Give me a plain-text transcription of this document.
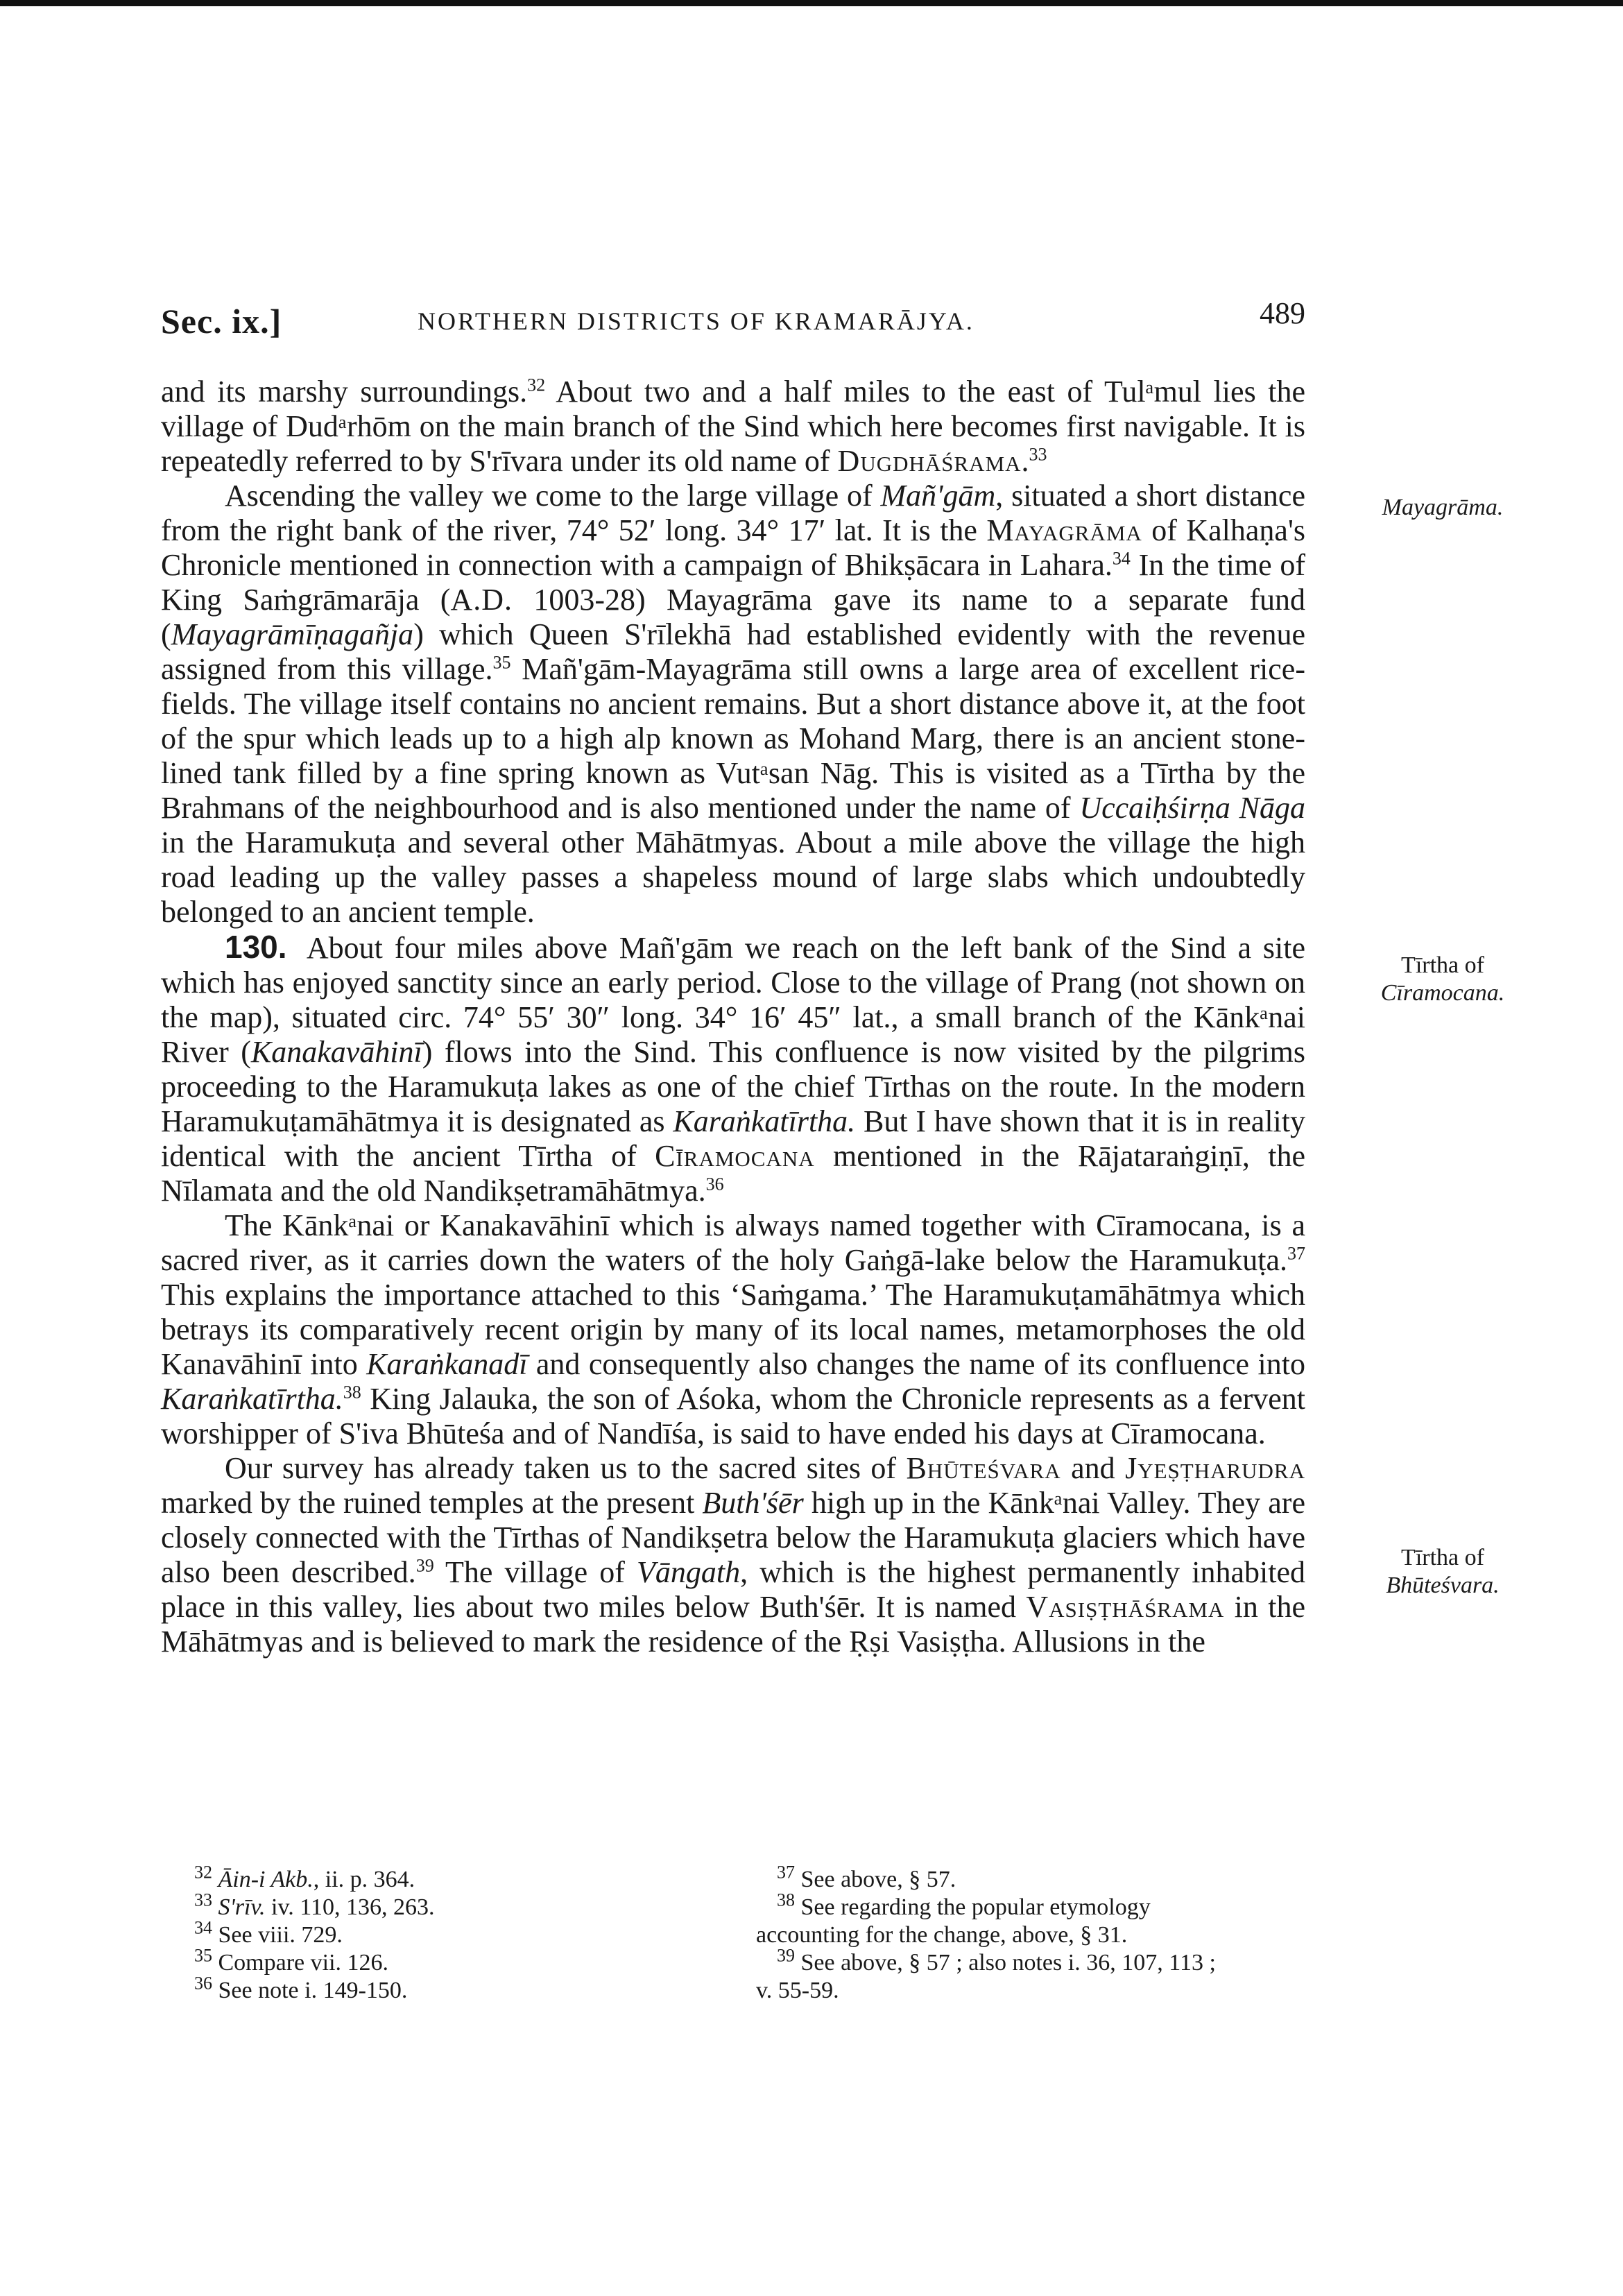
Sec. ix.]	NORTHERN DISTRICTS OF KRAMARĀJYA.	489

and its marshy surroundings.$^{32}$ About two and a half miles to the east of Tulᵃmul lies the village of Dudᵃrhōm on the main branch of the Sind which here becomes first navigable. It is repeatedly referred to by S'rīvara under its old name of Dugdhāśrama.$^{33}$

Ascending the valley we come to the large village of Mañ'gām, situated a short distance from the right bank of the river, 74° 52′ long. 34° 17′ lat. It is the Mayagrāma of Kalhaṇa's Chronicle mentioned in connection with a campaign of Bhikṣācara in Lahara.$^{34}$ In the time of King Saṁgrāmarāja (A.D. 1003-28) Mayagrāma gave its name to a separate fund (Mayagrāmīṇagañja) which Queen S'rīlekhā had established evidently with the revenue assigned from this village.$^{35}$ Mañ'gām-Mayagrāma still owns a large area of excellent rice-fields. The village itself contains no ancient remains. But a short distance above it, at the foot of the spur which leads up to a high alp known as Mohand Marg, there is an ancient stone-lined tank filled by a fine spring known as Vutᵃsan Nāg. This is visited as a Tīrtha by the Brahmans of the neighbourhood and is also mentioned under the name of Uccaiḥśirṇa Nāga in the Haramukuṭa and several other Māhātmyas. About a mile above the village the high road leading up the valley passes a shapeless mound of large slabs which undoubtedly belonged to an ancient temple.

130. About four miles above Mañ'gām we reach on the left bank of the Sind a site which has enjoyed sanctity since an early period. Close to the village of Prang (not shown on the map), situated circ. 74° 55′ 30″ long. 34° 16′ 45″ lat., a small branch of the Kānkᵃnai River (Kanakavāhinī) flows into the Sind. This confluence is now visited by the pilgrims proceeding to the Haramukuṭa lakes as one of the chief Tīrthas on the route. In the modern Haramukuṭamāhātmya it is designated as Karaṅkatīrtha. But I have shown that it is in reality identical with the ancient Tīrtha of Cīramocana mentioned in the Rājataraṅgiṇī, the Nīlamata and the old Nandikṣetramāhātmya.$^{36}$

The Kānkᵃnai or Kanakavāhinī which is always named together with Cīramocana, is a sacred river, as it carries down the waters of the holy Gaṅgā-lake below the Haramukuṭa.$^{37}$ This explains the importance attached to this ‘Saṁgama.’ The Haramukuṭamāhātmya which betrays its comparatively recent origin by many of its local names, metamorphoses the old Kanavāhinī into Karaṅkanadī and consequently also changes the name of its confluence into Karaṅkatīrtha.$^{38}$ King Jalauka, the son of Aśoka, whom the Chronicle represents as a fervent worshipper of S'iva Bhūteśa and of Nandīśa, is said to have ended his days at Cīramocana.

Our survey has already taken us to the sacred sites of Bhūteśvara and Jyeṣṭharudra marked by the ruined temples at the present Buth'śēr high up in the Kānkᵃnai Valley. They are closely connected with the Tīrthas of Nandikṣetra below the Haramukuṭa glaciers which have also been described.$^{39}$ The village of Vāngath, which is the highest permanently inhabited place in this valley, lies about two miles below Buth'śēr. It is named Vasiṣṭhāśrama in the Māhātmyas and is believed to mark the residence of the Ṛṣi Vasiṣṭha. Allusions in the

Mayagrāma.
Tīrtha of
Cīramocana.
Tīrtha of
Bhūteśvara.
$^{32}$ Āin-i Akb., ii. p. 364.
$^{33}$ S'rīv. iv. 110, 136, 263.
$^{34}$ See viii. 729.
$^{35}$ Compare vii. 126.
$^{36}$ See note i. 149-150.
$^{37}$ See above, § 57.
$^{38}$ See regarding the popular etymology
accounting for the change, above, § 31.
$^{39}$ See above, § 57 ; also notes i. 36, 107, 113 ;
v. 55-59.
